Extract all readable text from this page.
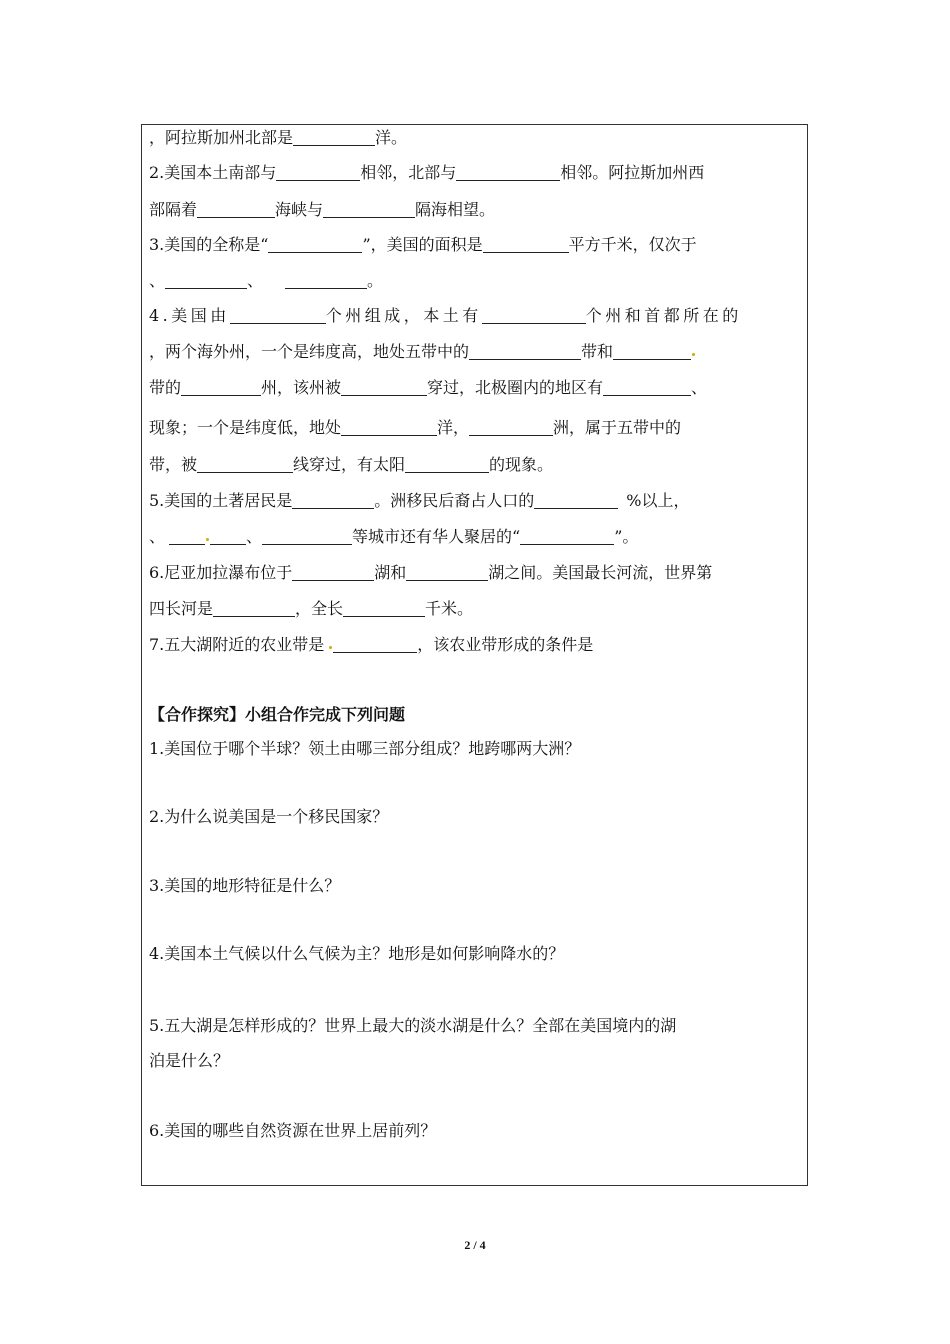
，阿拉斯加州北部是	洋。
2.美国本土南部与	相邻，北部与	相邻。阿拉斯加州西
部隔着	海峡与	隔海相望。
3.美国的全称是“	”，美国的面积是	平方千米，仅次于
、	、	。
4.美国由	个州组成，本土有	个州和首都所在的
，两个海外州，一个是纬度高，地处五带中的	带和
带的	州，该州被	穿过，北极圈内的地区有	、
现象；一个是纬度低，地处	洋，	洲，属于五带中的
带，被	线穿过，有太阳	的现象。
5.美国的土著居民是	。洲移民后裔占人口的	%以上，
、	、	等城市还有华人聚居的“	”。
6.尼亚加拉瀑布位于	湖和	湖之间。美国最长河流，世界第
四长河是	，全长	千米。
7.五大湖附近的农业带是	，该农业带形成的条件是
【合作探究】小组合作完成下列问题
1.美国位于哪个半球？领土由哪三部分组成？地跨哪两大洲？
2.为什么说美国是一个移民国家？
3.美国的地形特征是什么？
4.美国本土气候以什么气候为主？地形是如何影响降水的？
5.五大湖是怎样形成的？世界上最大的淡水湖是什么？全部在美国境内的湖
泊是什么？
6.美国的哪些自然资源在世界上居前列？
2 / 4
